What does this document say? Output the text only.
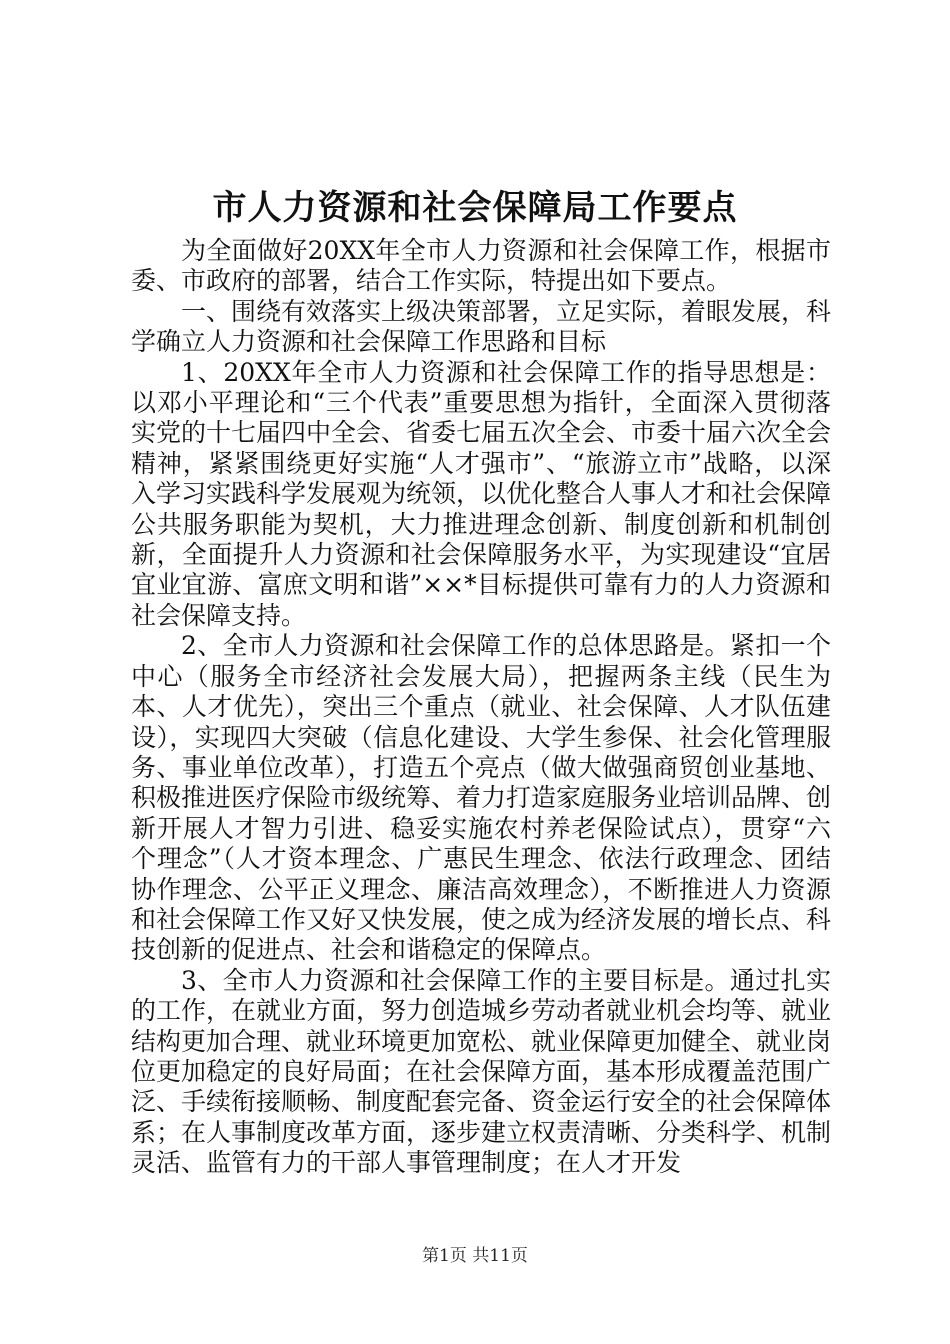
市人力资源和社会保障局工作要点

为全面做好20XX年全市人力资源和社会保障工作，根据市委、市政府的部署，结合工作实际，特提出如下要点。

一、围绕有效落实上级决策部署，立足实际，着眼发展，科学确立人力资源和社会保障工作思路和目标

1、20XX年全市人力资源和社会保障工作的指导思想是：以邓小平理论和“三个代表”重要思想为指针，全面深入贯彻落实党的十七届四中全会、省委七届五次全会、市委十届六次全会精神，紧紧围绕更好实施“人才强市”、“旅游立市”战略，以深入学习实践科学发展观为统领，以优化整合人事人才和社会保障公共服务职能为契机，大力推进理念创新、制度创新和机制创新，全面提升人力资源和社会保障服务水平，为实现建设“宜居宜业宜游、富庶文明和谐”××*目标提供可靠有力的人力资源和社会保障支持。

2、全市人力资源和社会保障工作的总体思路是。紧扣一个中心（服务全市经济社会发展大局），把握两条主线（民生为本、人才优先），突出三个重点（就业、社会保障、人才队伍建设），实现四大突破（信息化建设、大学生参保、社会化管理服务、事业单位改革），打造五个亮点（做大做强商贸创业基地、积极推进医疗保险市级统筹、着力打造家庭服务业培训品牌、创新开展人才智力引进、稳妥实施农村养老保险试点），贯穿“六个理念”（人才资本理念、广惠民生理念、依法行政理念、团结协作理念、公平正义理念、廉洁高效理念），不断推进人力资源和社会保障工作又好又快发展，使之成为经济发展的增长点、科技创新的促进点、社会和谐稳定的保障点。

3、全市人力资源和社会保障工作的主要目标是。通过扎实的工作，在就业方面，努力创造城乡劳动者就业机会均等、就业结构更加合理、就业环境更加宽松、就业保障更加健全、就业岗位更加稳定的良好局面；在社会保障方面，基本形成覆盖范围广泛、手续衔接顺畅、制度配套完备、资金运行安全的社会保障体系；在人事制度改革方面，逐步建立权责清晰、分类科学、机制灵活、监管有力的干部人事管理制度；在人才开发

第1页 共11页
